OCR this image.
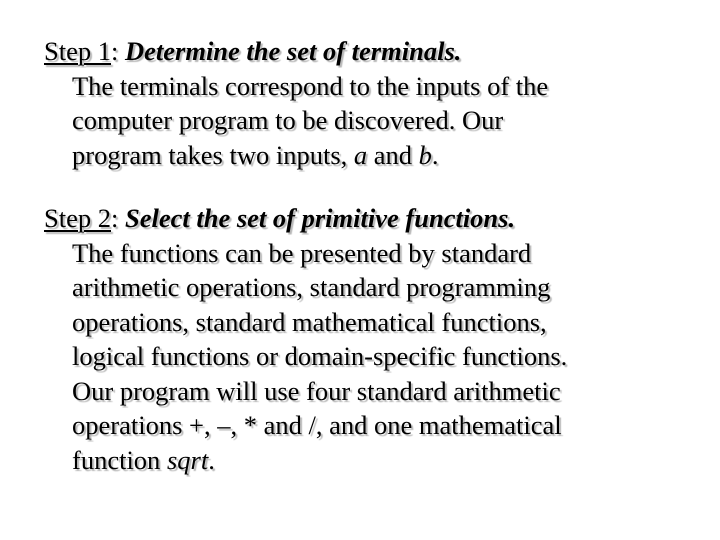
Step 1: Determine the set of terminals.
The terminals correspond to the inputs of the
computer program to be discovered. Our
program takes two inputs, a and b.
Step 2: Select the set of primitive functions.
The functions can be presented by standard
arithmetic operations, standard programming
operations, standard mathematical functions,
logical functions or domain-specific functions.
Our program will use four standard arithmetic
operations +, –, * and /, and one mathematical
function sqrt.
